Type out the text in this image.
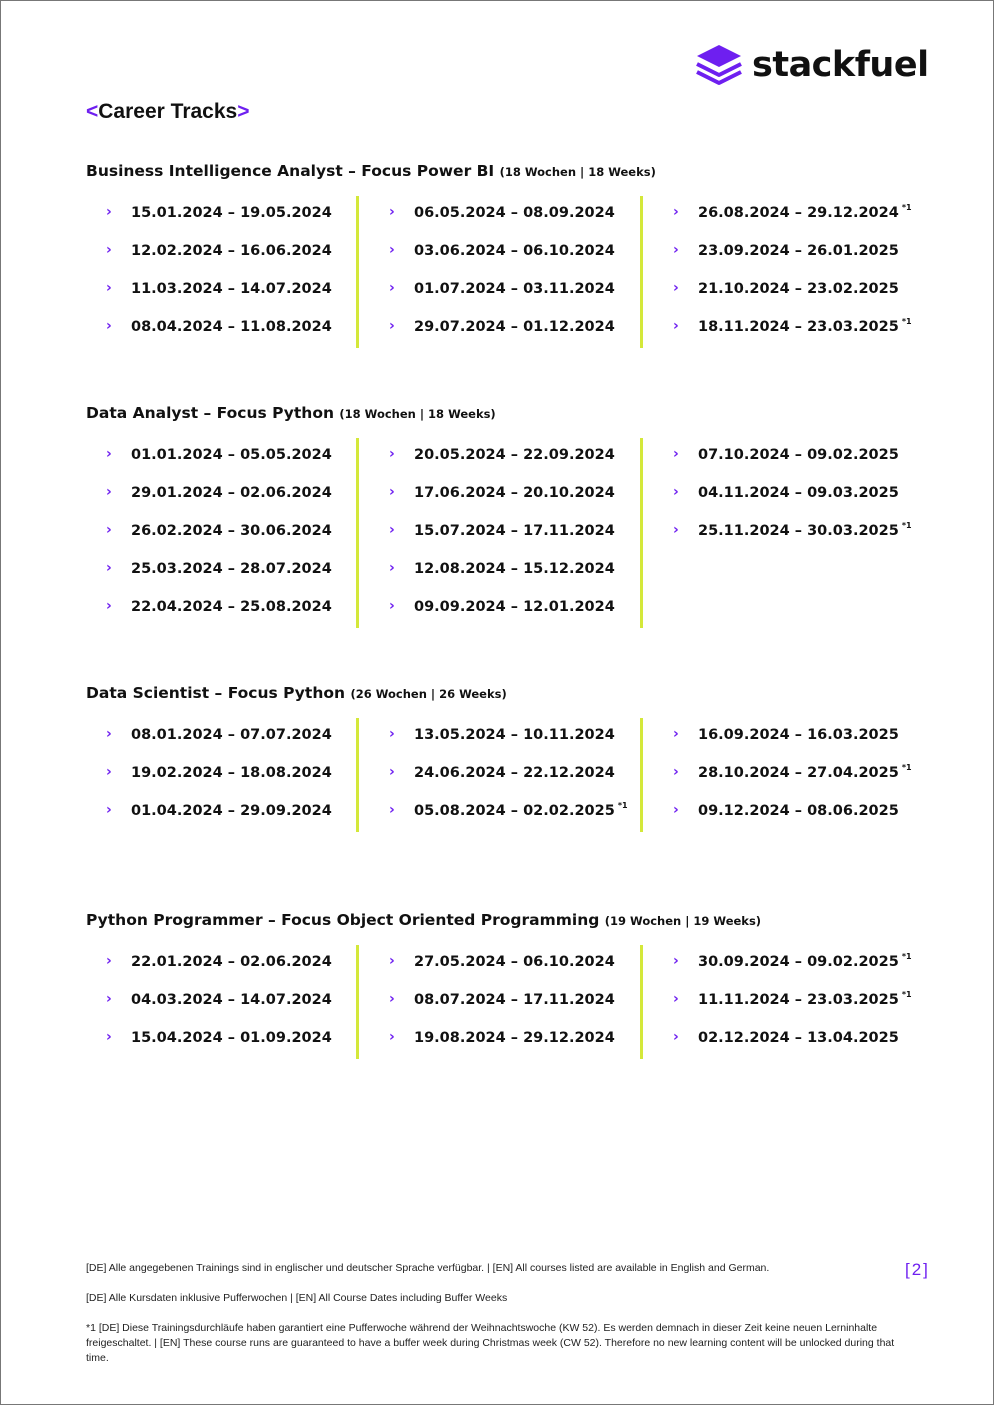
stackfuel
<Career Tracks>
Business Intelligence Analyst – Focus Power BI (18 Wochen | 18 Weeks)
› 15.01.2024 – 19.05.2024
› 12.02.2024 – 16.06.2024
› 11.03.2024 – 14.07.2024
› 08.04.2024 – 11.08.2024
› 06.05.2024 – 08.09.2024
› 03.06.2024 – 06.10.2024
› 01.07.2024 – 03.11.2024
› 29.07.2024 – 01.12.2024
› 26.08.2024 – 29.12.2024 $^{*1}$
› 23.09.2024 – 26.01.2025
› 21.10.2024 – 23.02.2025
› 18.11.2024 – 23.03.2025 $^{*1}$
Data Analyst – Focus Python (18 Wochen | 18 Weeks)
› 01.01.2024 – 05.05.2024
› 29.01.2024 – 02.06.2024
› 26.02.2024 – 30.06.2024
› 25.03.2024 – 28.07.2024
› 22.04.2024 – 25.08.2024
› 20.05.2024 – 22.09.2024
› 17.06.2024 – 20.10.2024
› 15.07.2024 – 17.11.2024
› 12.08.2024 – 15.12.2024
› 09.09.2024 – 12.01.2024
› 07.10.2024 – 09.02.2025
› 04.11.2024 – 09.03.2025
› 25.11.2024 – 30.03.2025 $^{*1}$
Data Scientist – Focus Python (26 Wochen | 26 Weeks)
› 08.01.2024 – 07.07.2024
› 19.02.2024 – 18.08.2024
› 01.04.2024 – 29.09.2024
› 13.05.2024 – 10.11.2024
› 24.06.2024 – 22.12.2024
› 05.08.2024 – 02.02.2025 $^{*1}$
› 16.09.2024 – 16.03.2025
› 28.10.2024 – 27.04.2025 $^{*1}$
› 09.12.2024 – 08.06.2025
Python Programmer – Focus Object Oriented Programming (19 Wochen | 19 Weeks)
› 22.01.2024 – 02.06.2024
› 04.03.2024 – 14.07.2024
› 15.04.2024 – 01.09.2024
› 27.05.2024 – 06.10.2024
› 08.07.2024 – 17.11.2024
› 19.08.2024 – 29.12.2024
› 30.09.2024 – 09.02.2025 $^{*1}$
› 11.11.2024 – 23.03.2025 $^{*1}$
› 02.12.2024 – 13.04.2025
[DE] Alle angegebenen Trainings sind in englischer und deutscher Sprache verfügbar. | [EN] All courses listed are available in English and German.
[DE] Alle Kursdaten inklusive Pufferwochen | [EN] All Course Dates including Buffer Weeks
*1 [DE] Diese Trainingsdurchläufe haben garantiert eine Pufferwoche während der Weihnachtswoche (KW 52). Es werden demnach in dieser Zeit keine neuen Lerninhalte freigeschaltet. | [EN] These course runs are guaranteed to have a buffer week during Christmas week (CW 52). Therefore no new learning content will be unlocked during that time.
[2]
